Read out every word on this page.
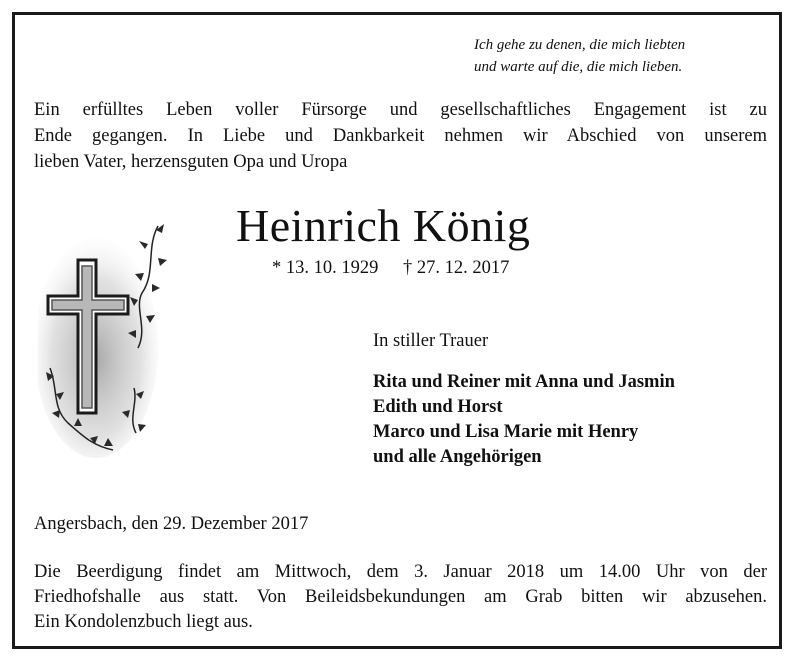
Ich gehe zu denen, die mich liebten
und warte auf die, die mich lieben.
Ein erfülltes Leben voller Fürsorge und gesellschaftliches Engagement ist zu
Ende gegangen. In Liebe und Dankbarkeit nehmen wir Abschied von unserem
lieben Vater, herzensguten Opa und Uropa
Heinrich König
* 13. 10. 1929 † 27. 12. 2017
In stiller Trauer
Rita und Reiner mit Anna und Jasmin
Edith und Horst
Marco und Lisa Marie mit Henry
und alle Angehörigen
Angersbach, den 29. Dezember 2017
Die Beerdigung findet am Mittwoch, dem 3. Januar 2018 um 14.00 Uhr von der
Friedhofshalle aus statt. Von Beileidsbekundungen am Grab bitten wir abzusehen.
Ein Kondolenzbuch liegt aus.
